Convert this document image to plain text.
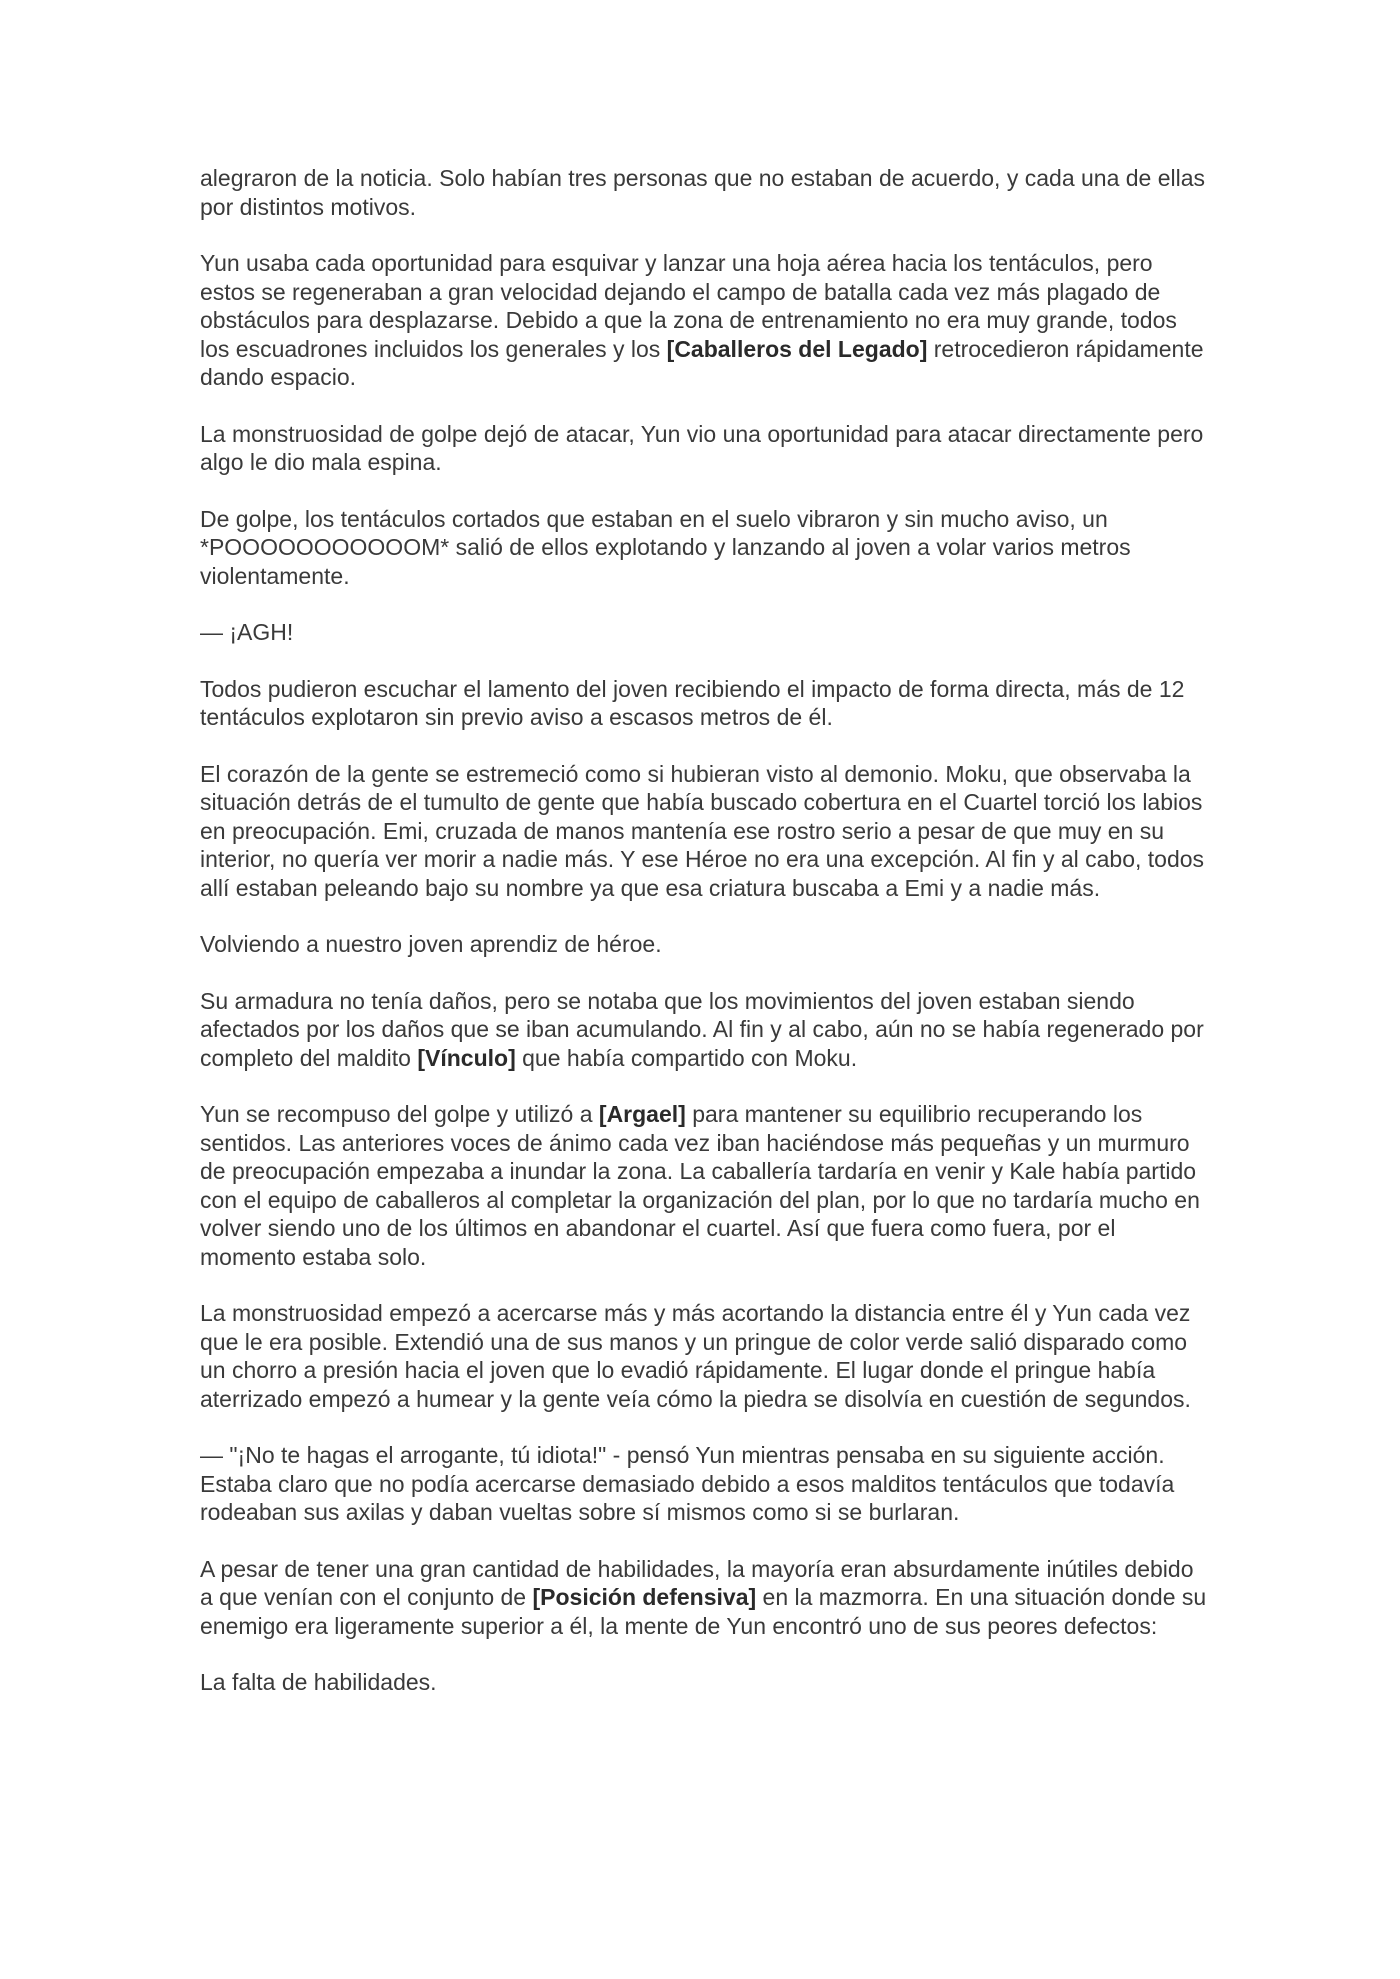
alegraron de la noticia. Solo habían tres personas que no estaban de acuerdo, y cada una de ellas por distintos motivos.

Yun usaba cada oportunidad para esquivar y lanzar una hoja aérea hacia los tentáculos, pero estos se regeneraban a gran velocidad dejando el campo de batalla cada vez más plagado de obstáculos para desplazarse. Debido a que la zona de entrenamiento no era muy grande, todos los escuadrones incluidos los generales y los [Caballeros del Legado] retrocedieron rápidamente dando espacio.

La monstruosidad de golpe dejó de atacar, Yun vio una oportunidad para atacar directamente pero algo le dio mala espina.

De golpe, los tentáculos cortados que estaban en el suelo vibraron y sin mucho aviso, un *POOOOOOOOOOOM* salió de ellos explotando y lanzando al joven a volar varios metros violentamente.

— ¡AGH!

Todos pudieron escuchar el lamento del joven recibiendo el impacto de forma directa, más de 12 tentáculos explotaron sin previo aviso a escasos metros de él.

El corazón de la gente se estremeció como si hubieran visto al demonio. Moku, que observaba la situación detrás de el tumulto de gente que había buscado cobertura en el Cuartel torció los labios en preocupación. Emi, cruzada de manos mantenía ese rostro serio a pesar de que muy en su interior, no quería ver morir a nadie más. Y ese Héroe no era una excepción. Al fin y al cabo, todos allí estaban peleando bajo su nombre ya que esa criatura buscaba a Emi y a nadie más.

Volviendo a nuestro joven aprendiz de héroe.

Su armadura no tenía daños, pero se notaba que los movimientos del joven estaban siendo afectados por los daños que se iban acumulando. Al fin y al cabo, aún no se había regenerado por completo del maldito [Vínculo] que había compartido con Moku.

Yun se recompuso del golpe y utilizó a [Argael] para mantener su equilibrio recuperando los sentidos. Las anteriores voces de ánimo cada vez iban haciéndose más pequeñas y un murmuro de preocupación empezaba a inundar la zona. La caballería tardaría en venir y Kale había partido con el equipo de caballeros al completar la organización del plan, por lo que no tardaría mucho en volver siendo uno de los últimos en abandonar el cuartel. Así que fuera como fuera, por el momento estaba solo.

La monstruosidad empezó a acercarse más y más acortando la distancia entre él y Yun cada vez que le era posible. Extendió una de sus manos y un pringue de color verde salió disparado como un chorro a presión hacia el joven que lo evadió rápidamente. El lugar donde el pringue había aterrizado empezó a humear y la gente veía cómo la piedra se disolvía en cuestión de segundos.

— "¡No te hagas el arrogante, tú idiota!" - pensó Yun mientras pensaba en su siguiente acción. Estaba claro que no podía acercarse demasiado debido a esos malditos tentáculos que todavía rodeaban sus axilas y daban vueltas sobre sí mismos como si se burlaran.

A pesar de tener una gran cantidad de habilidades, la mayoría eran absurdamente inútiles debido a que venían con el conjunto de [Posición defensiva] en la mazmorra. En una situación donde su enemigo era ligeramente superior a él, la mente de Yun encontró uno de sus peores defectos:

La falta de habilidades.
